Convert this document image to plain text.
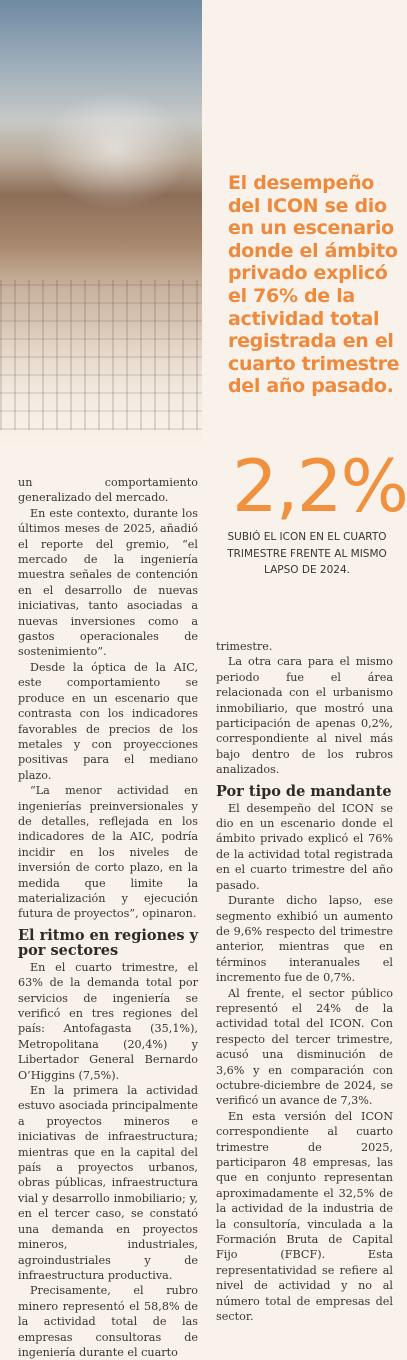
El desempeño del ICON se dio en un escenario donde el ámbito privado explicó el 76% de la actividad total registrada en el cuarto trimestre del año pasado.
2,2%
SUBIÓ EL ICON EN EL CUARTO TRIMESTRE FRENTE AL MISMO LAPSO DE 2024.

un comportamiento generalizado del mercado.

En este contexto, durante los últimos meses de 2025, añadió el reporte del gremio, “el mercado de la ingeniería muestra señales de contención en el desarrollo de nuevas iniciativas, tanto asociadas a nuevas inversiones como a gastos operacionales de sostenimiento”.

Desde la óptica de la AIC, este comportamiento se produce en un escenario que contrasta con los indicadores favorables de precios de los metales y con proyecciones positivas para el mediano plazo.

“La menor actividad en ingenierías preinversionales y de detalles, reflejada en los indicadores de la AIC, podría incidir en los niveles de inversión de corto plazo, en la medida que limite la materialización y ejecución futura de proyectos”, opinaron.

El ritmo en regiones y por sectores

En el cuarto trimestre, el 63% de la demanda total por servicios de ingeniería se verificó en tres regiones del país: Antofagasta (35,1%), Metropolitana (20,4%) y Libertador General Bernardo O’Higgins (7,5%).

En la primera la actividad estuvo asociada principalmente a proyectos mineros e iniciativas de infraestructura; mientras que en la capital del país a proyectos urbanos, obras públicas, infraestructura vial y desarrollo inmobiliario; y, en el tercer caso, se constató una demanda en proyectos mineros, industriales, agroindustriales y de infraestructura productiva.

Precisamente, el rubro minero representó el 58,8% de la actividad total de las empresas consultoras de ingeniería durante el cuarto

trimestre.

La otra cara para el mismo periodo fue el área relacionada con el urbanismo inmobiliario, que mostró una participación de apenas 0,2%, correspondiente al nivel más bajo dentro de los rubros analizados.

Por tipo de mandante

El desempeño del ICON se dio en un escenario donde el ámbito privado explicó el 76% de la actividad total registrada en el cuarto trimestre del año pasado.

Durante dicho lapso, ese segmento exhibió un aumento de 9,6% respecto del trimestre anterior, mientras que en términos interanuales el incremento fue de 0,7%.

Al frente, el sector público representó el 24% de la actividad total del ICON. Con respecto del tercer trimestre, acusó una disminución de 3,6% y en comparación con octubre-diciembre de 2024, se verificó un avance de 7,3%.

En esta versión del ICON correspondiente al cuarto trimestre de 2025, participaron 48 empresas, las que en conjunto representan aproximadamente el 32,5% de la actividad de la industria de la consultoría, vinculada a la Formación Bruta de Capital Fijo (FBCF). Esta representatividad se refiere al nivel de actividad y no al número total de empresas del sector.
